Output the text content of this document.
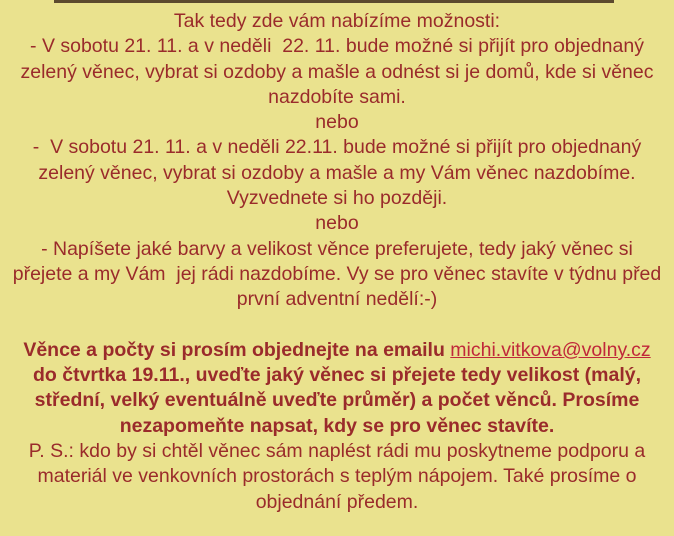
Tak tedy zde vám nabízíme možnosti:
- V sobotu 21. 11. a v neděli  22. 11. bude možné si přijít pro objednaný
zelený věnec, vybrat si ozdoby a mašle a odnést si je domů, kde si věnec
nazdobíte sami.
nebo
-  V sobotu 21. 11. a v neděli 22.11. bude možné si přijít pro objednaný
zelený věnec, vybrat si ozdoby a mašle a my Vám věnec nazdobíme.
Vyzvednete si ho později.
nebo
- Napíšete jaké barvy a velikost věnce preferujete, tedy jaký věnec si
přejete a my Vám  jej rádi nazdobíme. Vy se pro věnec stavíte v týdnu před
první adventní nedělí:-)
Věnce a počty si prosím objednejte na emailu michi.vitkova@volny.cz
do čtvrtka 19.11., uveďte jaký věnec si přejete tedy velikost (malý,
střední, velký eventuálně uveďte průměr) a počet věnců. Prosíme
nezapomeňte napsat, kdy se pro věnec stavíte.
P. S.: kdo by si chtěl věnec sám naplést rádi mu poskytneme podporu a
materiál ve venkovních prostorách s teplým nápojem. Také prosíme o
objednání předem.
